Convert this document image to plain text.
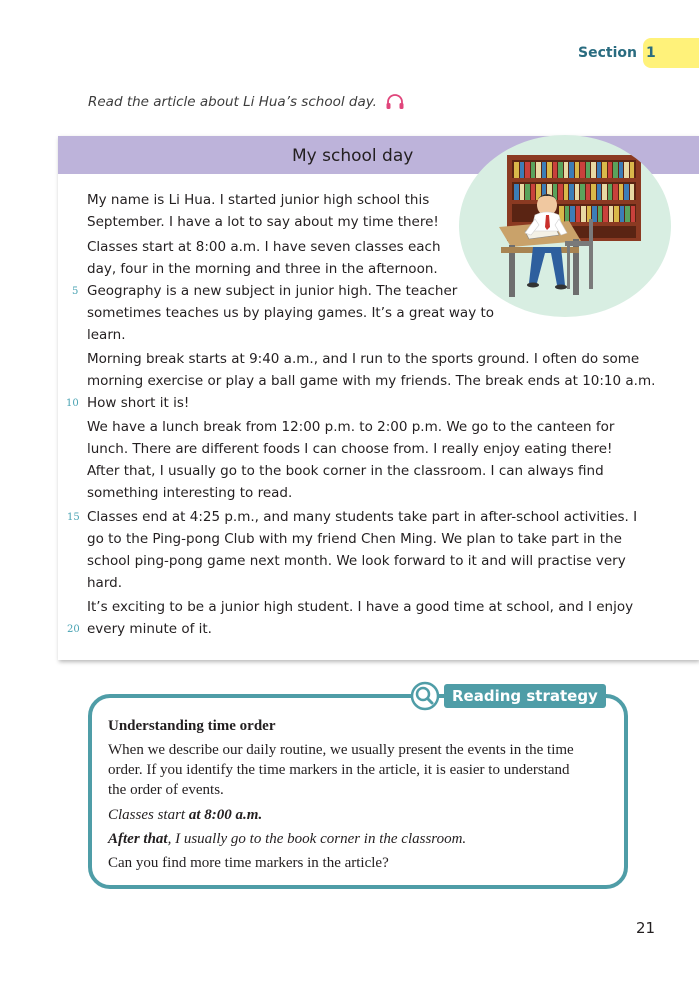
Section 1
Read the article about Li Hua’s school day.
My school day
My name is Li Hua. I started junior high school this
September. I have a lot to say about my time there!
Classes start at 8:00 a.m. I have seven classes each
day, four in the morning and three in the afternoon.
Geography is a new subject in junior high. The teacher
sometimes teaches us by playing games. It’s a great way to
learn.
Morning break starts at 9:40 a.m., and I run to the sports ground. I often do some
morning exercise or play a ball game with my friends. The break ends at 10:10 a.m.
How short it is!
We have a lunch break from 12:00 p.m. to 2:00 p.m. We go to the canteen for
lunch. There are different foods I can choose from. I really enjoy eating there!
After that, I usually go to the book corner in the classroom. I can always find
something interesting to read.
Classes end at 4:25 p.m., and many students take part in after-school activities. I
go to the Ping-pong Club with my friend Chen Ming. We plan to take part in the
school ping-pong game next month. We look forward to it and will practise very
hard.
It’s exciting to be a junior high student. I have a good time at school, and I enjoy
every minute of it.
5
10
15
20
Reading strategy
Understanding time order
When we describe our daily routine, we usually present the events in the time
order. If you identify the time markers in the article, it is easier to understand
the order of events.
Classes start at 8:00 a.m.
After that, I usually go to the book corner in the classroom.
Can you find more time markers in the article?
21
